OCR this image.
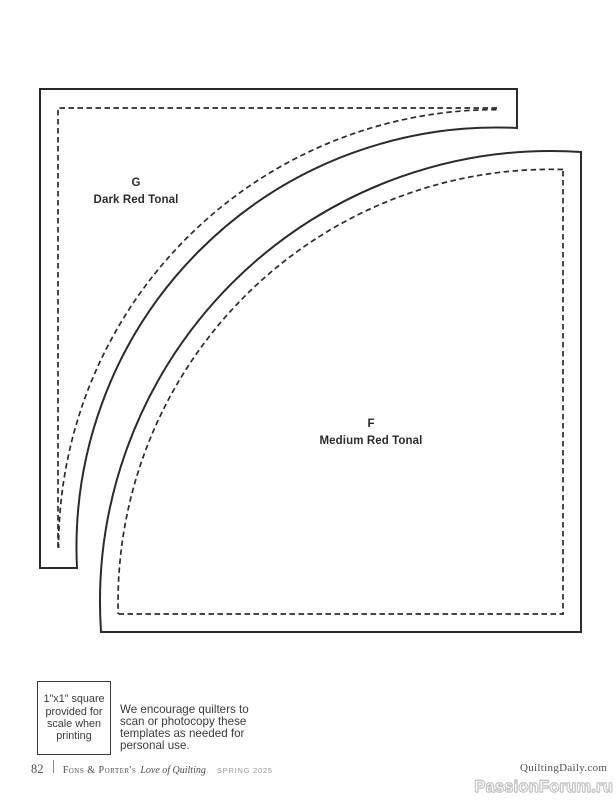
G
Dark Red Tonal
F
Medium Red Tonal
1"x1" square
provided for
scale when
printing
We encourage quilters to
scan or photocopy these
templates as needed for
personal use.
82 Fons & Porter's Love of Quilting SPRING 2025	QuiltingDaily.com
PassionForum.ru
